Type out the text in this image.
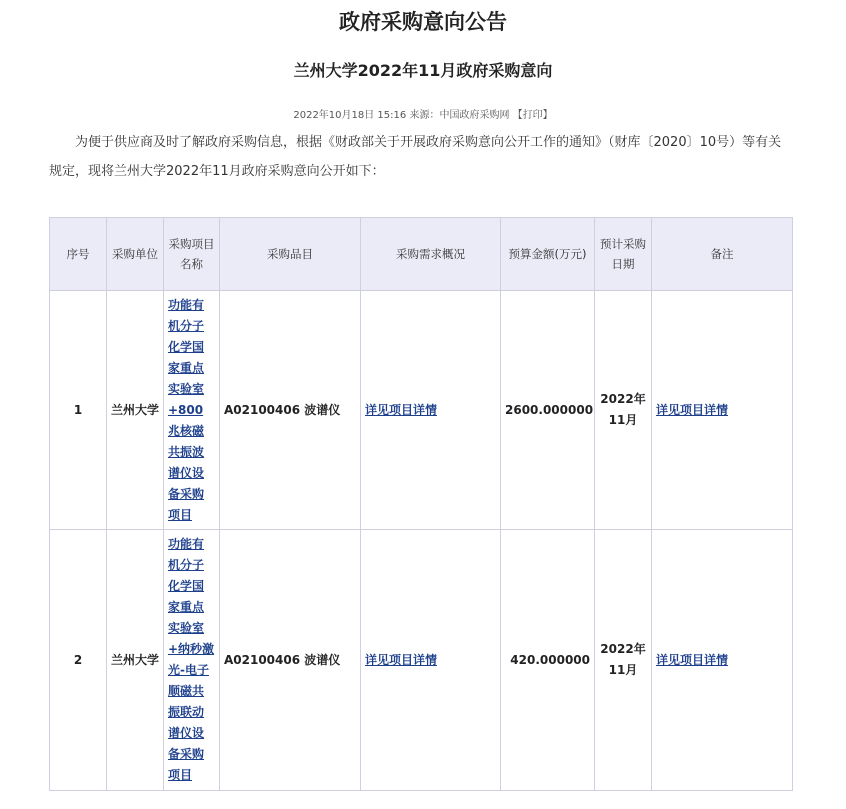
政府采购意向公告
兰州大学2022年11月政府采购意向
2022年10月18日 15:16 来源：中国政府采购网 【打印】

为便于供应商及时了解政府采购信息，根据《财政部关于开展政府采购意向公开工作的通知》（财库〔2020〕10号）等有关规定，现将兰州大学2022年11月政府采购意向公开如下：

序号	采购单位	采购项目名称	采购品目	采购需求概况	预算金额(万元)	预计采购日期	备注
1	兰州大学	功能有机分子化学国家重点实验室+800兆核磁共振波谱仪设备采购项目	A02100406 波谱仪	详见项目详情	2600.000000	2022年11月	详见项目详情
2	兰州大学	功能有机分子化学国家重点实验室+纳秒激光-电子顺磁共振联动谱仪设备采购项目	A02100406 波谱仪	详见项目详情	420.000000	2022年11月	详见项目详情
